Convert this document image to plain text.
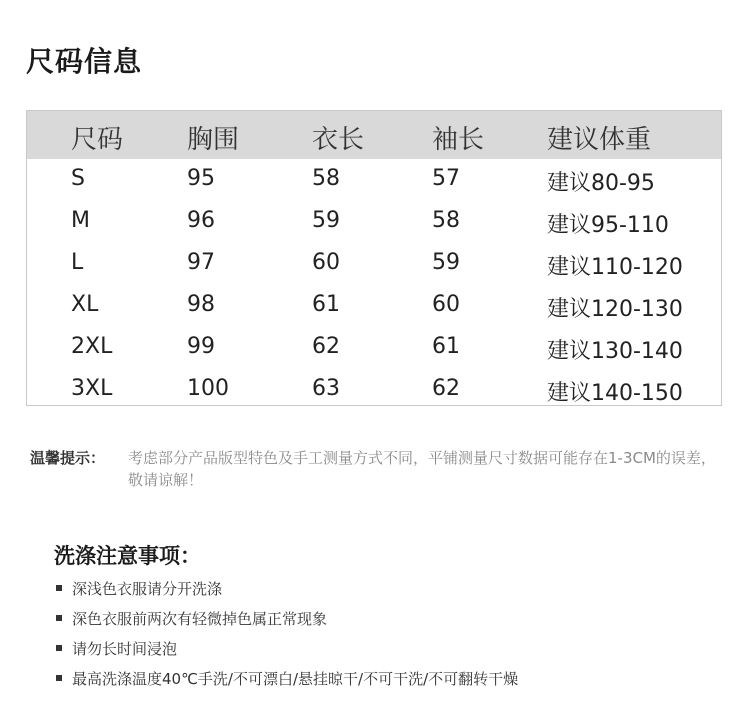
尺码信息
尺码 胸围	衣长	袖长 建议体重
S	95	58	57	建议80-95
M	96	59	58	建议95-110
L	97	60	59	建议110-120
XL	98	61	60	建议120-130
2XL	99	62	61	建议130-140
3XL	100	63	62	建议140-150
温馨提示： 考虑部分产品版型特色及手工测量方式不同，平铺测量尺寸数据可能存在1-3CM的误差，敬请谅解！
洗涤注意事项：
深浅色衣服请分开洗涤
深色衣服前两次有轻微掉色属正常现象
请勿长时间浸泡
最高洗涤温度40℃手洗/不可漂白/悬挂晾干/不可干洗/不可翻转干燥
